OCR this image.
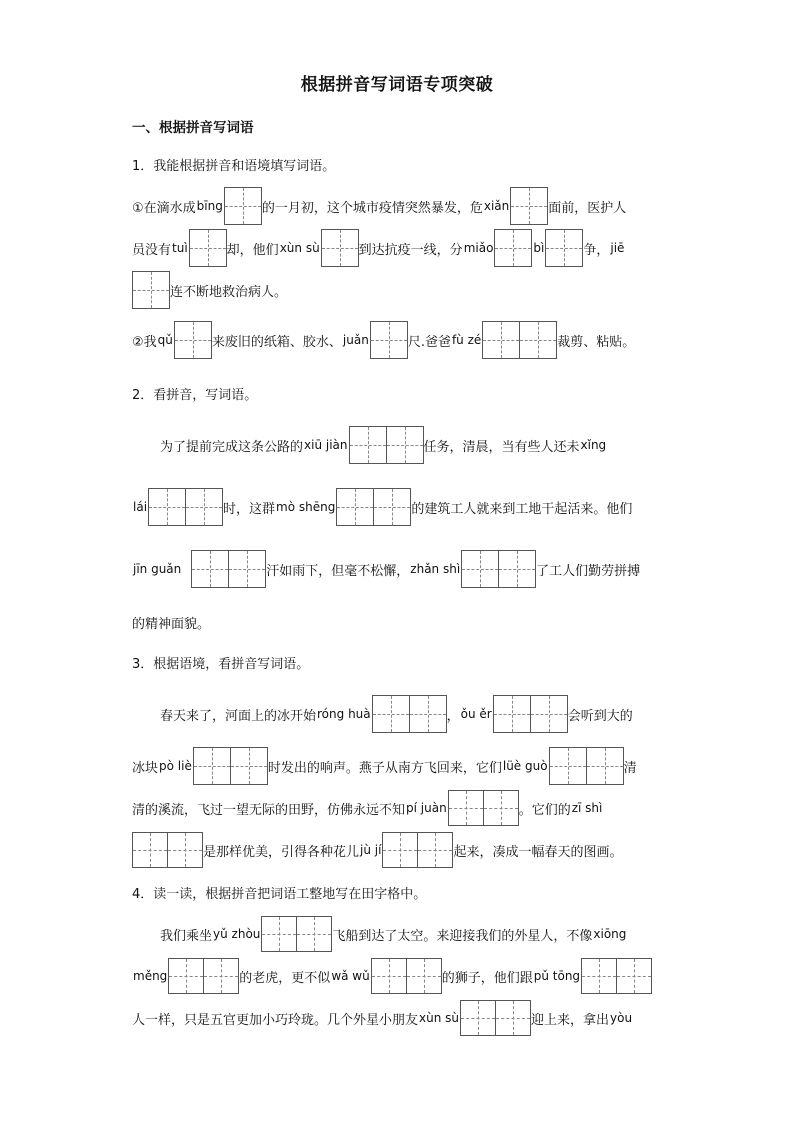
根据拼音写词语专项突破
一、根据拼音写词语
1．我能根据拼音和语境填写词语。
①在滴水成 bīng	的一月初，这个城市疫情突然暴发，危 xiǎn	面前，医护人
员没有 tuì	却，他们 xùn sù	到达抗疫一线，分 miǎo	bì	争， jiē
连不断地救治病人。
②我 qǔ	来废旧的纸箱、胶水、 juǎn	尺.爸爸 fù zé	裁剪、粘贴。
2．看拼音，写词语。
为了提前完成这条公路的 xiū jiàn	任务，清晨，当有些人还未 xǐng
lái	时，这群 mò shēng	的建筑工人就来到工地干起活来。他们
jīn guǎn	汗如雨下，但毫不松懈， zhǎn shì	了工人们勤劳拼搏
的精神面貌。
3．根据语境，看拼音写词语。
春天来了，河面上的冰开始 róng huà	， ǒu ěr	会听到大的
冰块 pò liè	时发出的响声。燕子从南方飞回来，它们 lüè guò	清
清的溪流，飞过一望无际的田野，仿佛永远不知 pí juàn	。它们的 zī shì
是那样优美，引得各种花儿 jù jí	起来，凑成一幅春天的图画。
4．读一读，根据拼音把词语工整地写在田字格中。
我们乘坐 yǔ zhòu	飞船到达了太空。来迎接我们的外星人，不像 xiōng
měng	的老虎，更不似 wǎ wǔ	的狮子，他们跟 pǔ tōng
人一样，只是五官更加小巧玲珑。几个外星小朋友 xùn sù	迎上来，拿出 yòu
